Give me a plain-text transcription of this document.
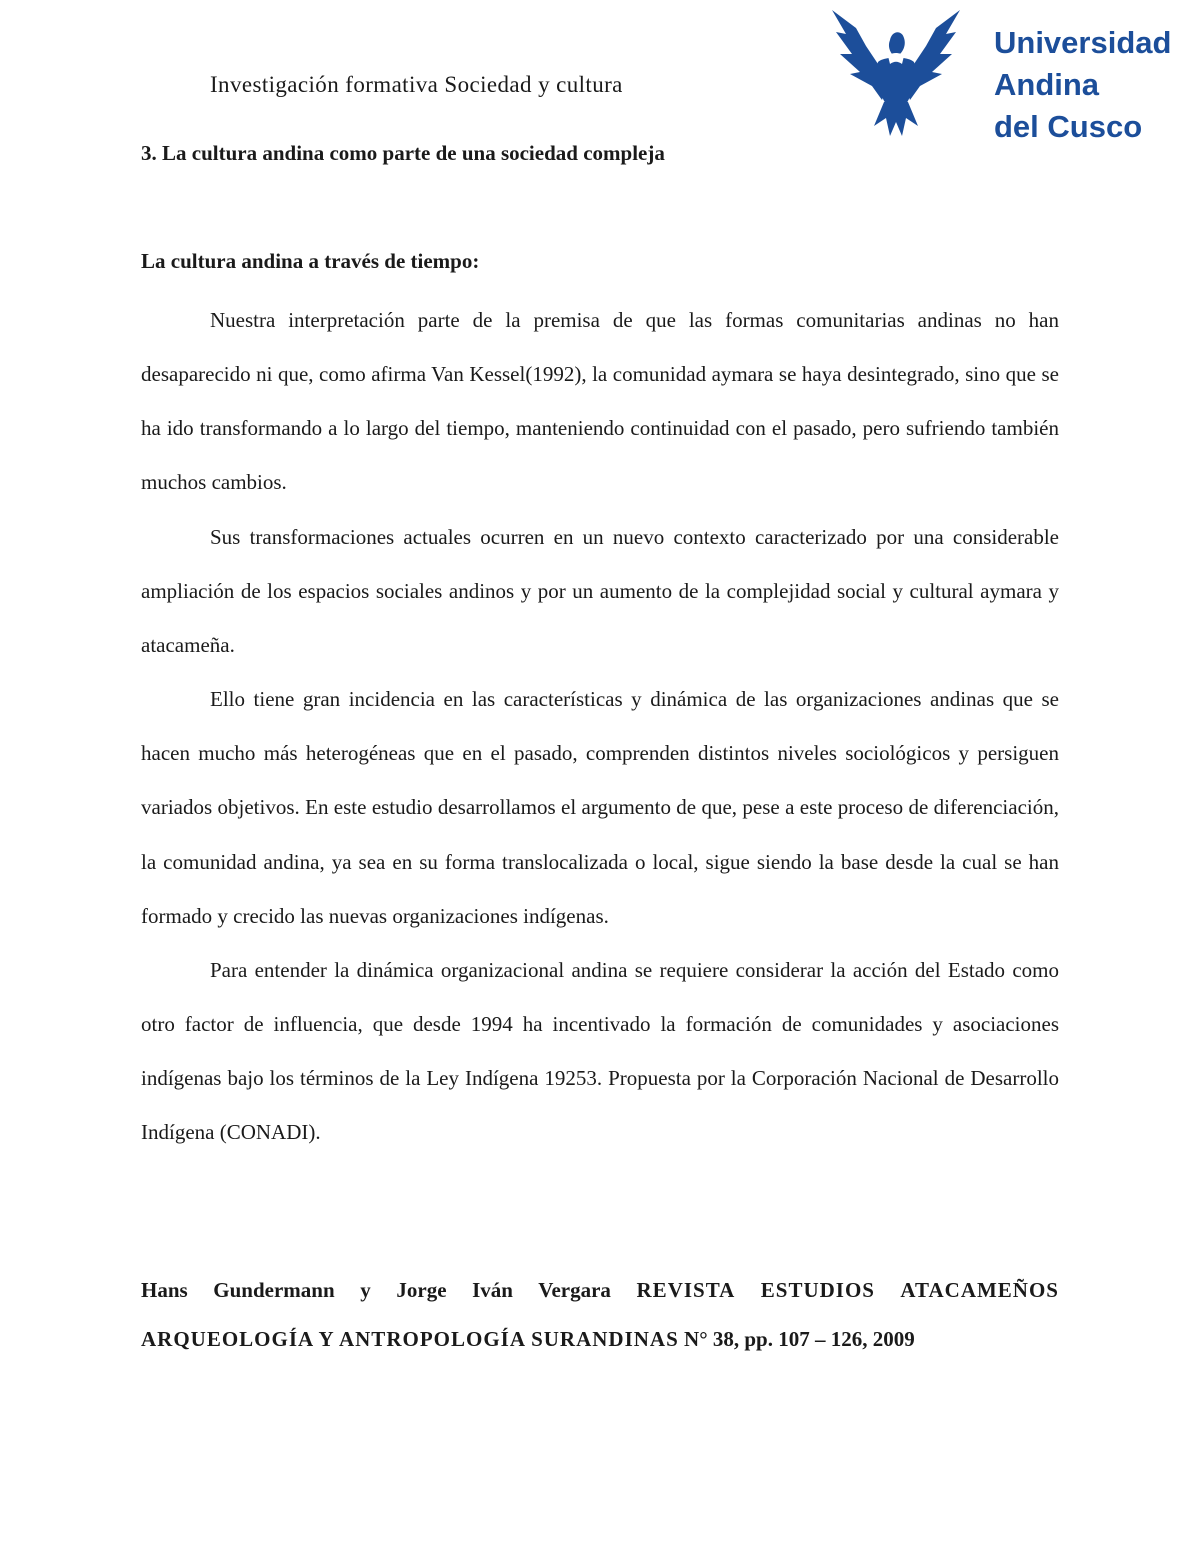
Universidad
Andina
del Cusco
Investigación formativa Sociedad y cultura
3. La cultura andina como parte de una sociedad compleja
La cultura andina a través de tiempo:

Nuestra interpretación parte de la premisa de que las formas comunitarias andinas no han desaparecido ni que, como afirma Van Kessel(1992), la comunidad aymara se haya desintegrado, sino que se ha ido transformando a lo largo del tiempo, manteniendo continuidad con el pasado, pero sufriendo también muchos cambios.

Sus transformaciones actuales ocurren en un nuevo contexto caracterizado por una considerable ampliación de los espacios sociales andinos y por un aumento de la complejidad social y cultural aymara y atacameña.

Ello tiene gran incidencia en las características y dinámica de las organizaciones andinas que se hacen mucho más heterogéneas que en el pasado, comprenden distintos niveles sociológicos y persiguen variados objetivos. En este estudio desarrollamos el argumento de que, pese a este proceso de diferenciación, la comunidad andina, ya sea en su forma translocalizada o local, sigue siendo la base desde la cual se han formado y crecido las nuevas organizaciones indígenas.

Para entender la dinámica organizacional andina se requiere considerar la acción del Estado como otro factor de influencia, que desde 1994 ha incentivado la formación de comunidades y asociaciones indígenas bajo los términos de la Ley Indígena 19253. Propuesta por la Corporación Nacional de Desarrollo Indígena (CONADI).

Hans Gundermann y Jorge Iván Vergara REVISTA ESTUDIOS ATACAMEÑOS ARQUEOLOGÍA Y ANTROPOLOGÍA SURANDINAS N° 38, pp. 107 – 126, 2009
